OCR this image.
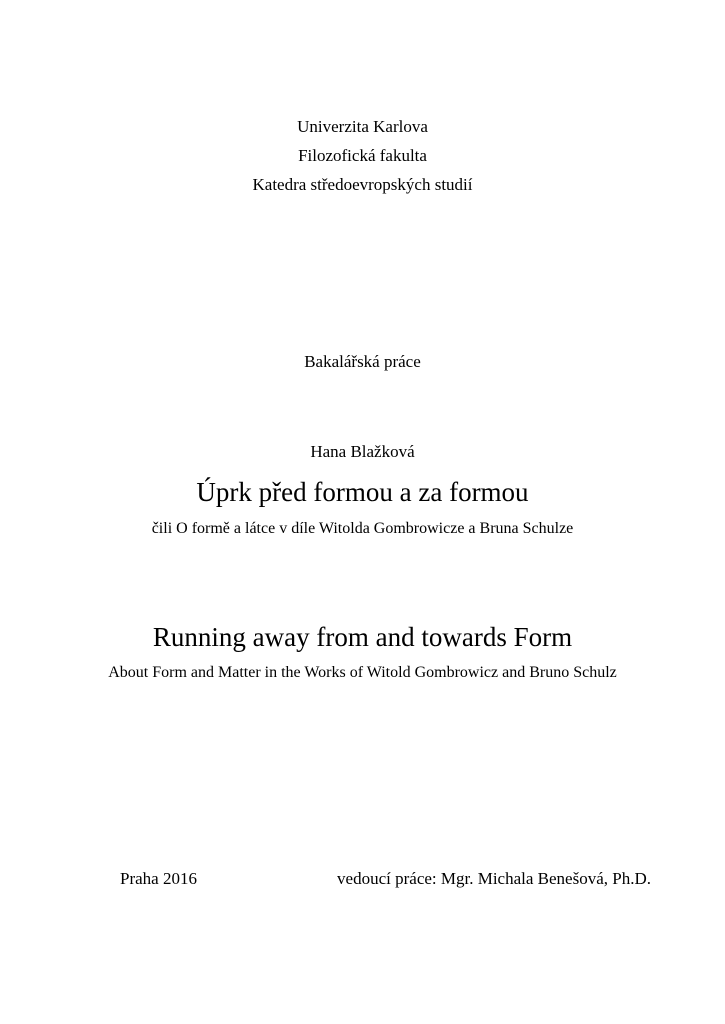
Univerzita Karlova
Filozofická fakulta
Katedra středoevropských studií
Bakalářská práce
Hana Blažková
Úprk před formou a za formou
čili O formě a látce v díle Witolda Gombrowicze a Bruna Schulze
Running away from and towards Form
About Form and Matter in the Works of Witold Gombrowicz and Bruno Schulz
Praha 2016	vedoucí práce: Mgr. Michala Benešová, Ph.D.
